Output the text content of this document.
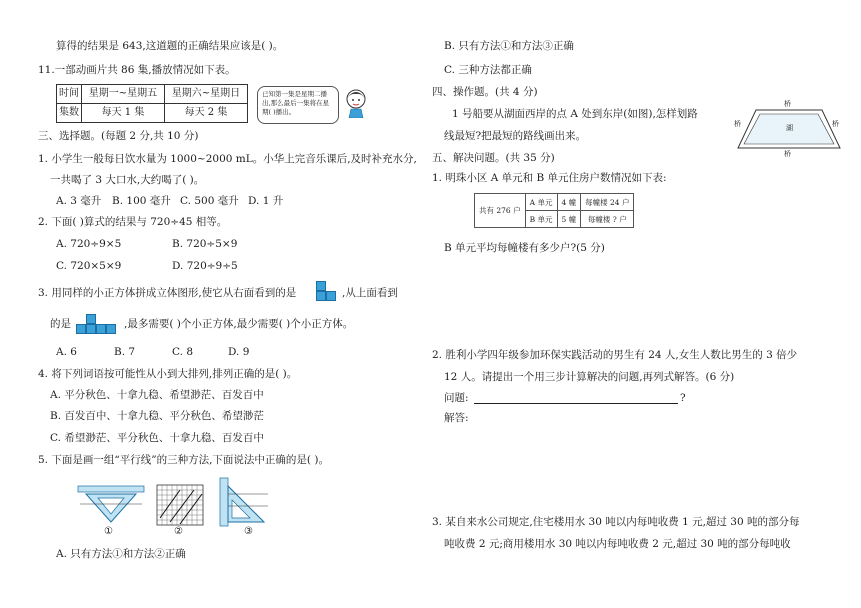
算得的结果是 643,这道题的正确结果应该是( )。
11.一部动画片共 86 集,播放情况如下表。
时间	星期一~星期五	星期六~星期日
集数	每天 1 集	每天 2 集
已知第一集是星期二播出,那么最后一集将在星期( )播出。
三、选择题。(每题 2 分,共 10 分)
1. 小学生一般每日饮水量为 1000~2000 mL。小华上完音乐课后,及时补充水分,
一共喝了 3 大口水,大约喝了( )。
A. 3 毫升 B. 100 毫升 C. 500 毫升 D. 1 升
2. 下面( )算式的结果与 720÷45 相等。
A. 720÷9×5	B. 720÷5×9
C. 720×5×9	D. 720÷9÷5
3. 用同样的小正方体拼成立体图形,使它从右面看到的是	,从上面看到
的是	,最多需要( )个小正方体,最少需要( )个小正方体。
A. 6	B. 7	C. 8	D. 9
4. 将下列词语按可能性从小到大排列,排列正确的是( )。
A. 平分秋色、十拿九稳、希望渺茫、百发百中
B. 百发百中、十拿九稳、平分秋色、希望渺茫
C. 希望渺茫、平分秋色、十拿九稳、百发百中
5. 下面是画一组“平行线”的三种方法,下面说法中正确的是( )。
①	②	③
A. 只有方法①和方法②正确
B. 只有方法①和方法③正确
C. 三种方法都正确
四、操作题。(共 4 分)
1 号船要从湖面西岸的点 A 处到东岸(如图),怎样划路
线最短?把最短的路线画出来。
桥
桥	桥
湖
桥
五、解决问题。(共 35 分)
1. 明珠小区 A 单元和 B 单元住房户数情况如下表:
共有 276 户	A 单元	4 幢	每幢楼 24 户
	B 单元	5 幢	每幢楼 ? 户
B 单元平均每幢楼有多少户?(5 分)
2. 胜利小学四年级参加环保实践活动的男生有 24 人,女生人数比男生的 3 倍少
12 人。请提出一个用三步计算解决的问题,再列式解答。(6 分)
问题:	?
解答:
3. 某自来水公司规定,住宅楼用水 30 吨以内每吨收费 1 元,超过 30 吨的部分每
吨收费 2 元;商用楼用水 30 吨以内每吨收费 2 元,超过 30 吨的部分每吨收
